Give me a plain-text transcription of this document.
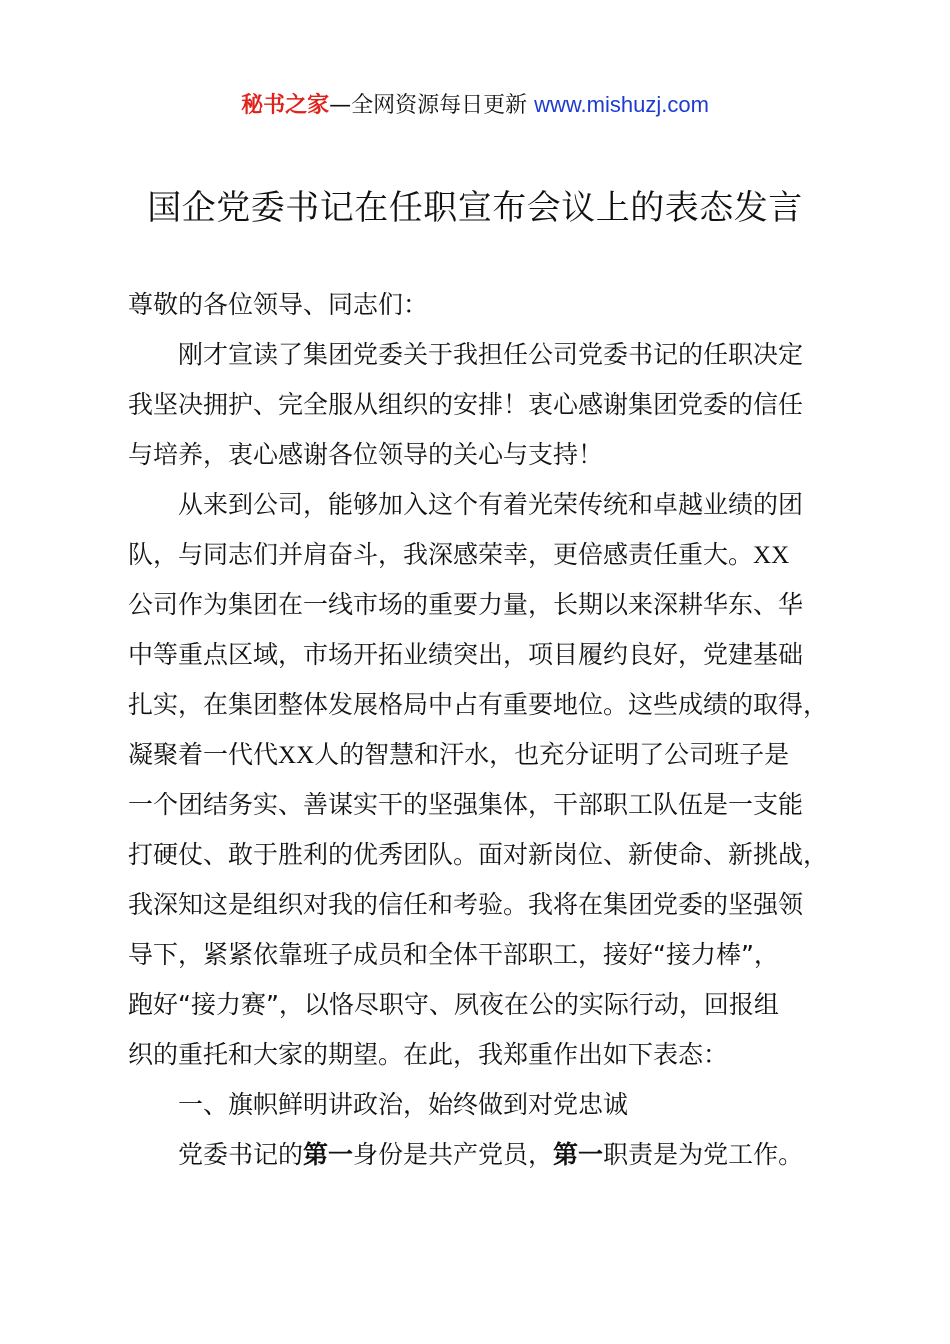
秘书之家—全网资源每日更新 www.mishuzj.com
国企党委书记在任职宣布会议上的表态发言
尊敬的各位领导、同志们：
刚才宣读了集团党委关于我担任公司党委书记的任职决定
我坚决拥护、完全服从组织的安排！衷心感谢集团党委的信任
与培养，衷心感谢各位领导的关心与支持！
从来到公司，能够加入这个有着光荣传统和卓越业绩的团
队，与同志们并肩奋斗，我深感荣幸，更倍感责任重大。XX
公司作为集团在一线市场的重要力量，长期以来深耕华东、华
中等重点区域，市场开拓业绩突出，项目履约良好，党建基础
扎实，在集团整体发展格局中占有重要地位。这些成绩的取得，
凝聚着一代代XX人的智慧和汗水，也充分证明了公司班子是
一个团结务实、善谋实干的坚强集体，干部职工队伍是一支能
打硬仗、敢于胜利的优秀团队。面对新岗位、新使命、新挑战，
我深知这是组织对我的信任和考验。我将在集团党委的坚强领
导下，紧紧依靠班子成员和全体干部职工，接好“接力棒”，
跑好“接力赛”，以恪尽职守、夙夜在公的实际行动，回报组
织的重托和大家的期望。在此，我郑重作出如下表态：
一、旗帜鲜明讲政治，始终做到对党忠诚
党委书记的第一身份是共产党员，第一职责是为党工作。
